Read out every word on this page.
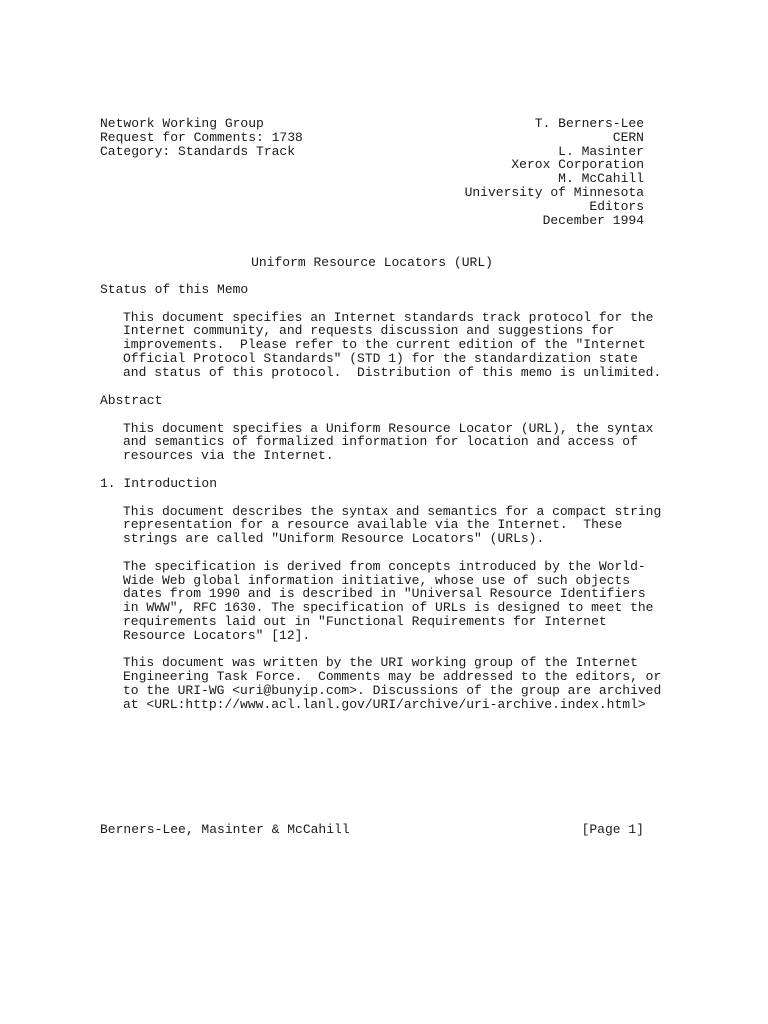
Network Working Group
Request for Comments: 1738
Category: Standards Track
T. Berners-Lee
CERN
L. Masinter
Xerox Corporation
M. McCahill
University of Minnesota
Editors
December 1994
Uniform Resource Locators (URL)
Status of this Memo
This document specifies an Internet standards track protocol for the
Internet community, and requests discussion and suggestions for
improvements.  Please refer to the current edition of the "Internet
Official Protocol Standards" (STD 1) for the standardization state
and status of this protocol.  Distribution of this memo is unlimited.
Abstract
This document specifies a Uniform Resource Locator (URL), the syntax
and semantics of formalized information for location and access of
resources via the Internet.
1. Introduction
This document describes the syntax and semantics for a compact string
representation for a resource available via the Internet.  These
strings are called "Uniform Resource Locators" (URLs).
The specification is derived from concepts introduced by the World-
Wide Web global information initiative, whose use of such objects
dates from 1990 and is described in "Universal Resource Identifiers
in WWW", RFC 1630. The specification of URLs is designed to meet the
requirements laid out in "Functional Requirements for Internet
Resource Locators" [12].
This document was written by the URI working group of the Internet
Engineering Task Force.  Comments may be addressed to the editors, or
to the URI-WG <uri@bunyip.com>. Discussions of the group are archived
at <URL:http://www.acl.lanl.gov/URI/archive/uri-archive.index.html>
Berners-Lee, Masinter & McCahill	[Page 1]
